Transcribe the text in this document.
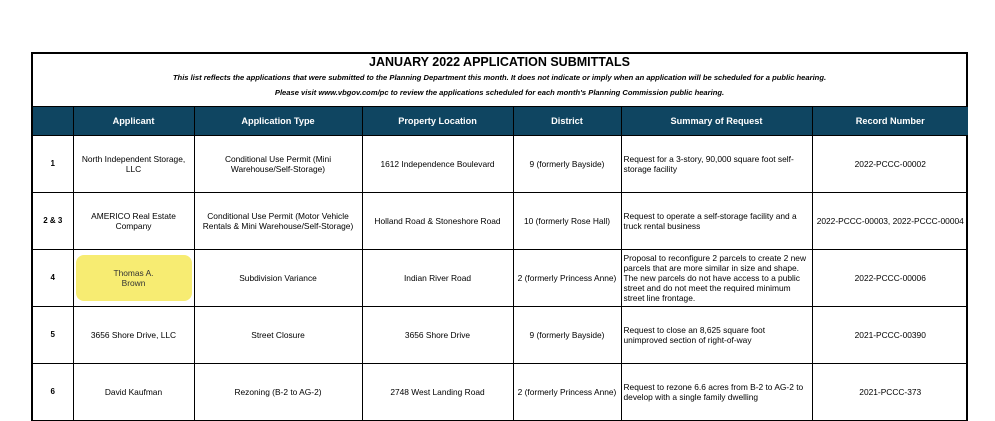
JANUARY 2022 APPLICATION SUBMITTALS
This list reflects the applications that were submitted to the Planning Department this month. It does not indicate or imply when an application will be scheduled for a public hearing.
Please visit www.vbgov.com/pc to review the applications scheduled for each month's Planning Commission public hearing.
	Applicant	Application Type	Property Location	District	Summary of Request	Record Number
1	North Independent Storage, LLC	Conditional Use Permit (Mini Warehouse/Self-Storage)	1612 Independence Boulevard	9 (formerly Bayside)	Request for a 3-story, 90,000 square foot self-storage facility	2022-PCCC-00002
2 & 3	AMERICO Real Estate Company	Conditional Use Permit (Motor Vehicle Rentals & Mini Warehouse/Self-Storage)	Holland Road & Stoneshore Road	10 (formerly Rose Hall)	Request to operate a self-storage facility and a truck rental business	2022-PCCC-00003, 2022-PCCC-00004
4	Thomas A. Brown	Subdivision Variance	Indian River Road	2 (formerly Princess Anne)	Proposal to reconfigure 2 parcels to create 2 new parcels that are more similar in size and shape. The new parcels do not have access to a public street and do not meet the required minimum street line frontage.	2022-PCCC-00006
5	3656 Shore Drive, LLC	Street Closure	3656 Shore Drive	9 (formerly Bayside)	Request to close an 8,625 square foot unimproved section of right-of-way	2021-PCCC-00390
6	David Kaufman	Rezoning (B-2 to AG-2)	2748 West Landing Road	2 (formerly Princess Anne)	Request to rezone 6.6 acres from B-2 to AG-2 to develop with a single family dwelling	2021-PCCC-373
